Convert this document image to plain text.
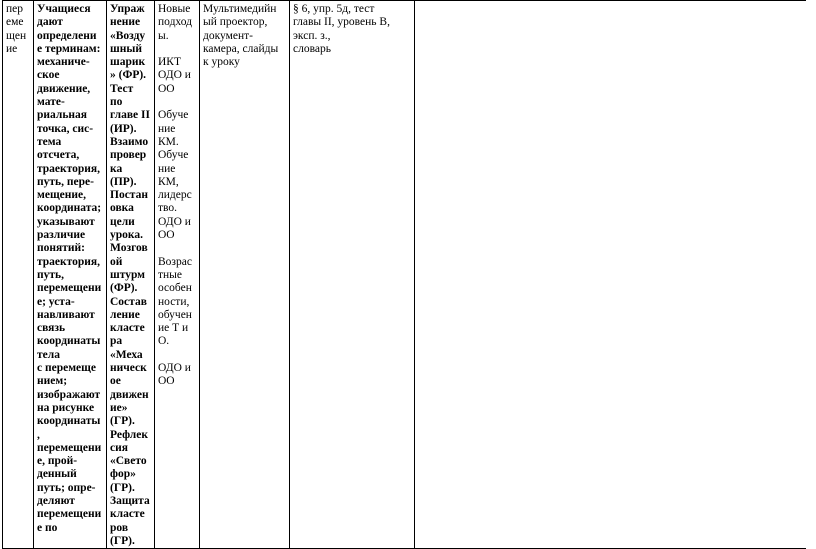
пер
еме
щен
ие	Учащиеся
дают
определени
е терминам:
механиче-
ское
движение,
мате-
риальная
точка, сис-
тема
отсчета,
траектория,
путь, пере-
мещение,
координата;
указывают
различие
понятий:
траектория,
путь,
перемещени
е; уста-
навливают
связь
координаты
тела
с перемеще
нием;
изображают
на рисунке
координаты
,
перемещени
е, прой-
денный
путь; опре-
деляют
перемещени
е по	Упраж
нение
«Возду
шный
шарик
» (ФР).
Тест
по
главе II
(ИР).
Взаимо
провер
ка
(ПР).
Постан
овка
цели
урока.
Мозгов
ой
штурм
(ФР).
Состав
ление
класте
ра
«Меха
ническ
ое
движен
ие»
(ГР).
Рефлек
сия
«Свето
фор»
(ГР).
Защита
класте
ров
(ГР).	Новые
подход
ы.

ИКТ
ОДО и
ОО

Обуче
ние
КМ.
Обуче
ние
КМ,
лидерс
тво.
ОДО и
ОО

Возрас
тные
особен
ности,
обучен
ие Т и
О.

ОДО и
ОО	Мультимедийн
ый проектор,
документ-
камера, слайды
к уроку	§ 6, упр. 5д, тест
главы II, уровень В,
эксп. з.,
словарь	
